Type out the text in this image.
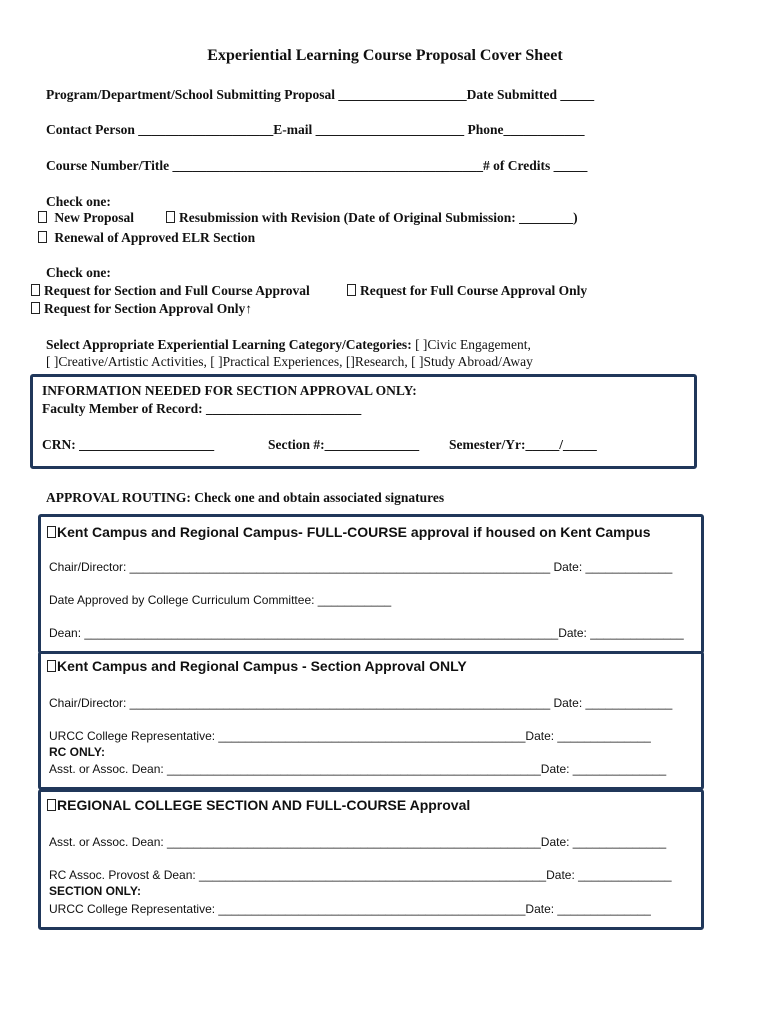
Experiential Learning Course Proposal Cover Sheet
Program/Department/School Submitting Proposal ___________________Date Submitted _____
Contact Person ____________________E-mail ______________________ Phone____________
Course Number/Title ______________________________________________# of Credits _____
Check one:
New Proposal	Resubmission with Revision (Date of Original Submission: ________)
Renewal of Approved ELR Section
Check one:
Request for Section and Full Course Approval	Request for Full Course Approval Only
Request for Section Approval Only↑
Select Appropriate Experiential Learning Category/Categories: [ ]Civic Engagement,
[ ]Creative/Artistic Activities, [ ]Practical Experiences, []Research, [ ]Study Abroad/Away
INFORMATION NEEDED FOR SECTION APPROVAL ONLY:
Faculty Member of Record: _______________________
CRN: ____________________	Section #:______________ Semester/Yr:_____/_____
APPROVAL ROUTING: Check one and obtain associated signatures
Kent Campus and Regional Campus- FULL-COURSE approval if housed on Kent Campus
Chair/Director: _______________________________________________________________ Date: _____________
Date Approved by College Curriculum Committee: ___________
Dean: _______________________________________________________________________Date: ______________
Kent Campus and Regional Campus - Section Approval ONLY
Chair/Director: _______________________________________________________________ Date: _____________
URCC College Representative: ______________________________________________Date: ______________
RC ONLY:
Asst. or Assoc. Dean: ________________________________________________________Date: ______________
REGIONAL COLLEGE SECTION AND FULL-COURSE Approval
Asst. or Assoc. Dean: ________________________________________________________Date: ______________
RC Assoc. Provost & Dean: ____________________________________________________Date: ______________
SECTION ONLY:
URCC College Representative: ______________________________________________Date: ______________
